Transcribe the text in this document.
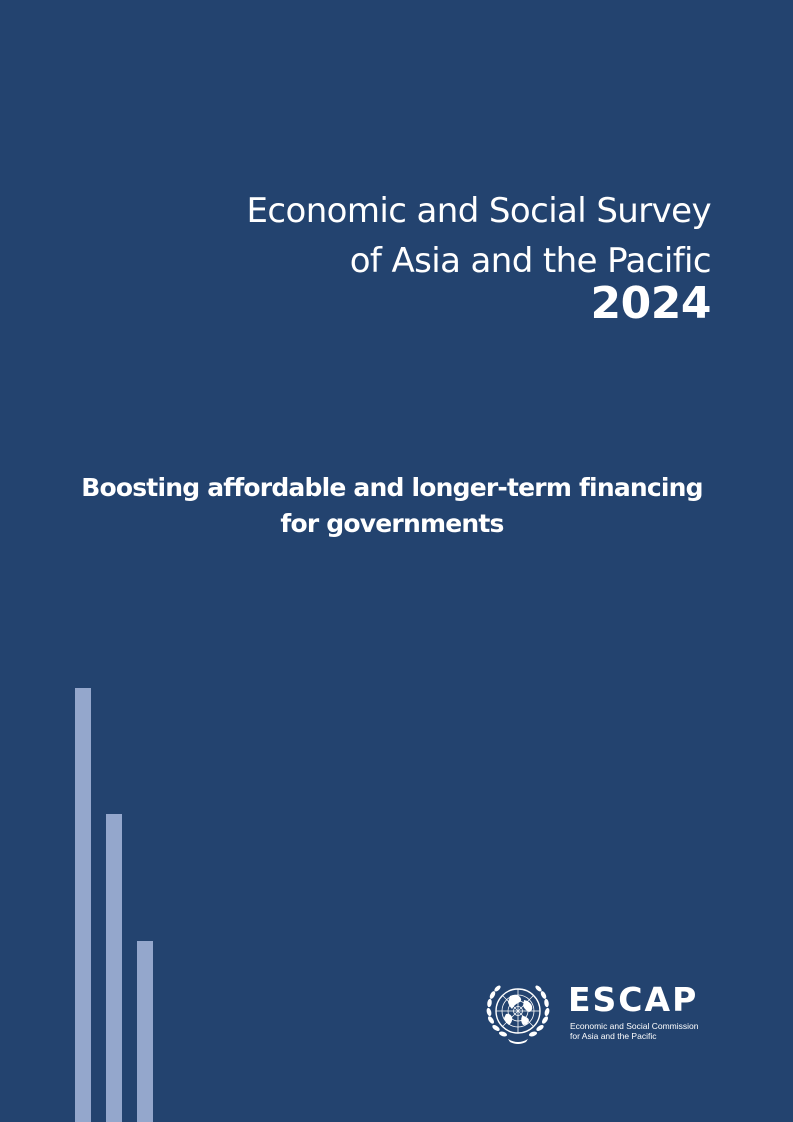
Economic and Social Survey
of Asia and the Pacific
2024
Boosting affordable and longer-term financing
for governments
ESCAP
Economic and Social Commission
for Asia and the Pacific
